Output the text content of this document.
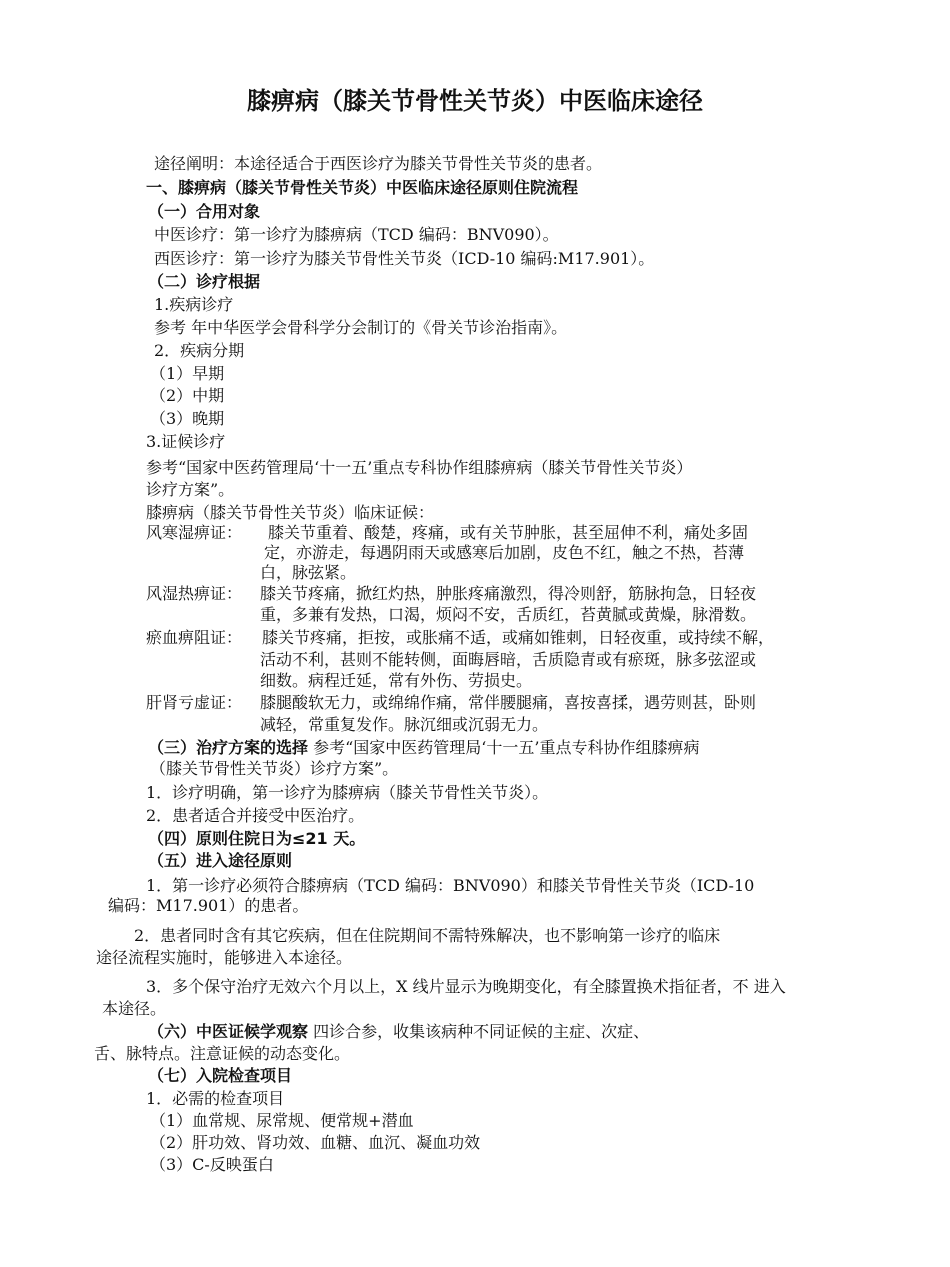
膝痹病（膝关节骨性关节炎）中医临床途径
途径阐明：本途径适合于西医诊疗为膝关节骨性关节炎的患者。
一、膝痹病（膝关节骨性关节炎）中医临床途径原则住院流程
（一）合用对象
中医诊疗：第一诊疗为膝痹病（TCD 编码：BNV090）。
西医诊疗：第一诊疗为膝关节骨性关节炎（ICD-10 编码:M17.901）。
（二）诊疗根据
1.疾病诊疗
参考 年中华医学会骨科学分会制订的《骨关节诊治指南》。
2．疾病分期
（1）早期
（2）中期
（3）晚期
3.证候诊疗
参考“国家中医药管理局‘十一五’重点专科协作组膝痹病（膝关节骨性关节炎）
诊疗方案”。
膝痹病（膝关节骨性关节炎）临床证候：
风寒湿痹证： 膝关节重着、酸楚，疼痛，或有关节肿胀，甚至屈伸不利，痛处多固
定，亦游走，每遇阴雨天或感寒后加剧，皮色不红，触之不热，苔薄
白，脉弦紧。
风湿热痹证： 膝关节疼痛，掀红灼热，肿胀疼痛激烈，得冷则舒，筋脉拘急，日轻夜
重，多兼有发热，口渴，烦闷不安，舌质红，苔黄腻或黄燥，脉滑数。
瘀血痹阻证： 膝关节疼痛，拒按，或胀痛不适，或痛如锥刺，日轻夜重，或持续不解，
活动不利，甚则不能转侧，面晦唇暗，舌质隐青或有瘀斑，脉多弦涩或
细数。病程迁延，常有外伤、劳损史。
肝肾亏虚证： 膝腿酸软无力，或绵绵作痛，常伴腰腿痛，喜按喜揉，遇劳则甚，卧则
减轻，常重复发作。脉沉细或沉弱无力。
（三）治疗方案的选择 参考“国家中医药管理局‘十一五’重点专科协作组膝痹病
（膝关节骨性关节炎）诊疗方案”。
1．诊疗明确，第一诊疗为膝痹病（膝关节骨性关节炎）。
2．患者适合并接受中医治疗。
（四）原则住院日为≤21 天。
（五）进入途径原则
1．第一诊疗必须符合膝痹病（TCD 编码：BNV090）和膝关节骨性关节炎（ICD-10
编码：M17.901）的患者。
2．患者同时含有其它疾病，但在住院期间不需特殊解决，也不影响第一诊疗的临床
途径流程实施时，能够进入本途径。
3．多个保守治疗无效六个月以上，X 线片显示为晚期变化，有全膝置换术指征者，不 进入
本途径。
（六）中医证候学观察 四诊合参，收集该病种不同证候的主症、次症、
舌、脉特点。注意证候的动态变化。
（七）入院检查项目
1．必需的检查项目
（1）血常规、尿常规、便常规+潜血
（2）肝功效、肾功效、血糖、血沉、凝血功效
（3）C-反映蛋白
